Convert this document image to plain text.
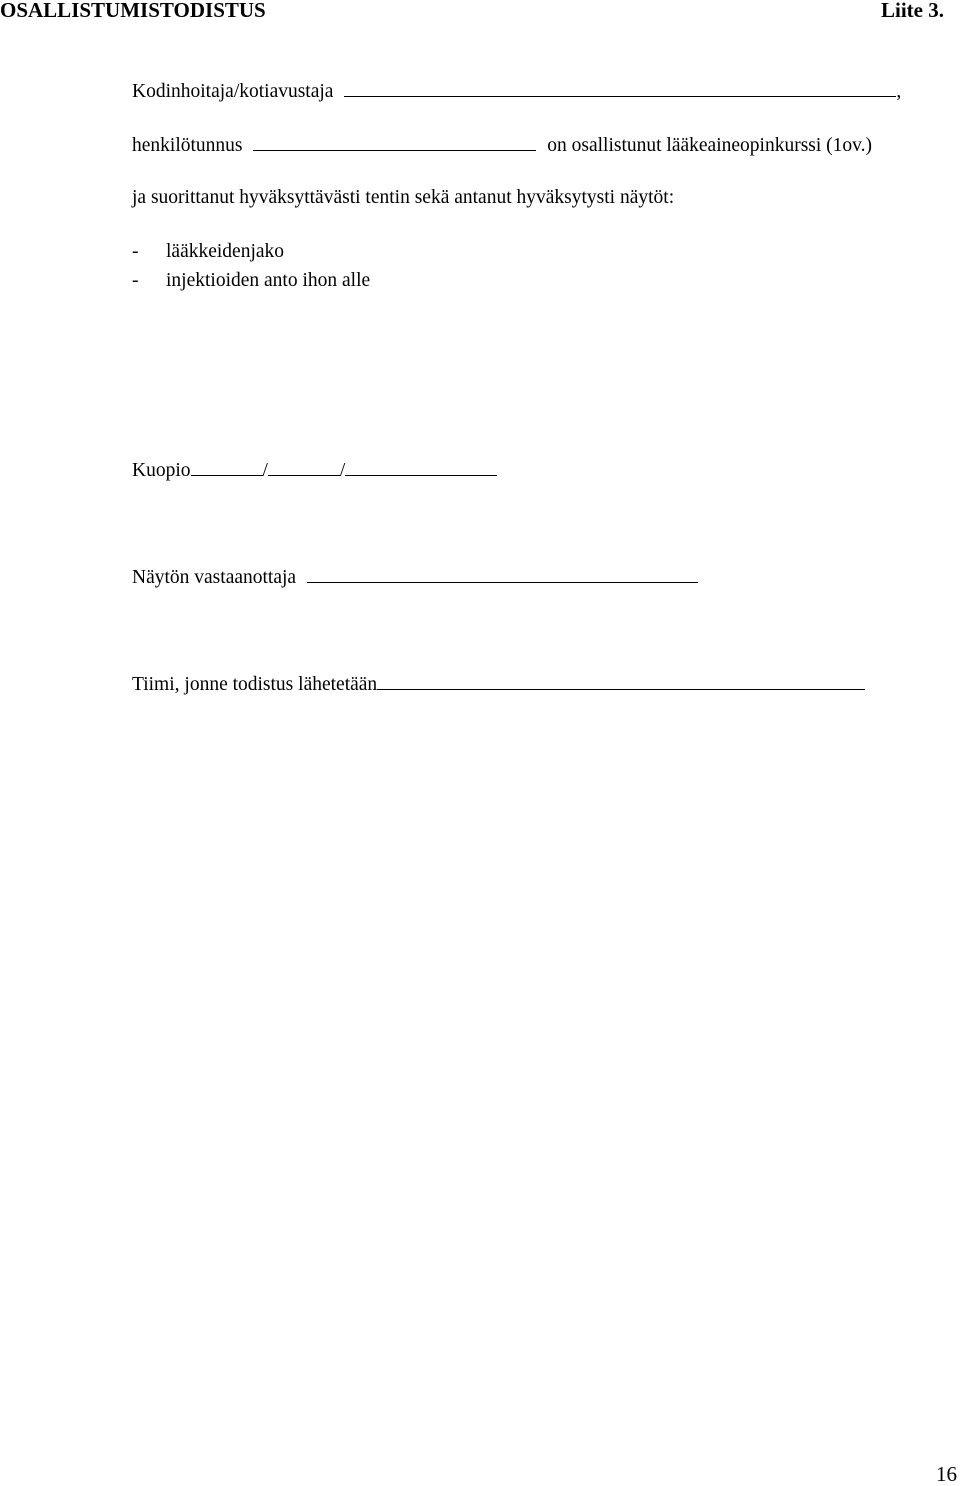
OSALLISTUMISTODISTUS	Liite 3.
Kodinhoitaja/kotiavustaja	,
henkilötunnus	on osallistunut lääkeaineopinkurssi (1ov.)
ja suorittanut hyväksyttävästi tentin sekä antanut hyväksytysti näytöt:
- lääkkeidenjako
- injektioiden anto ihon alle
Kuopio	/	/
Näytön vastaanottaja
Tiimi, jonne todistus lähetetään
16
